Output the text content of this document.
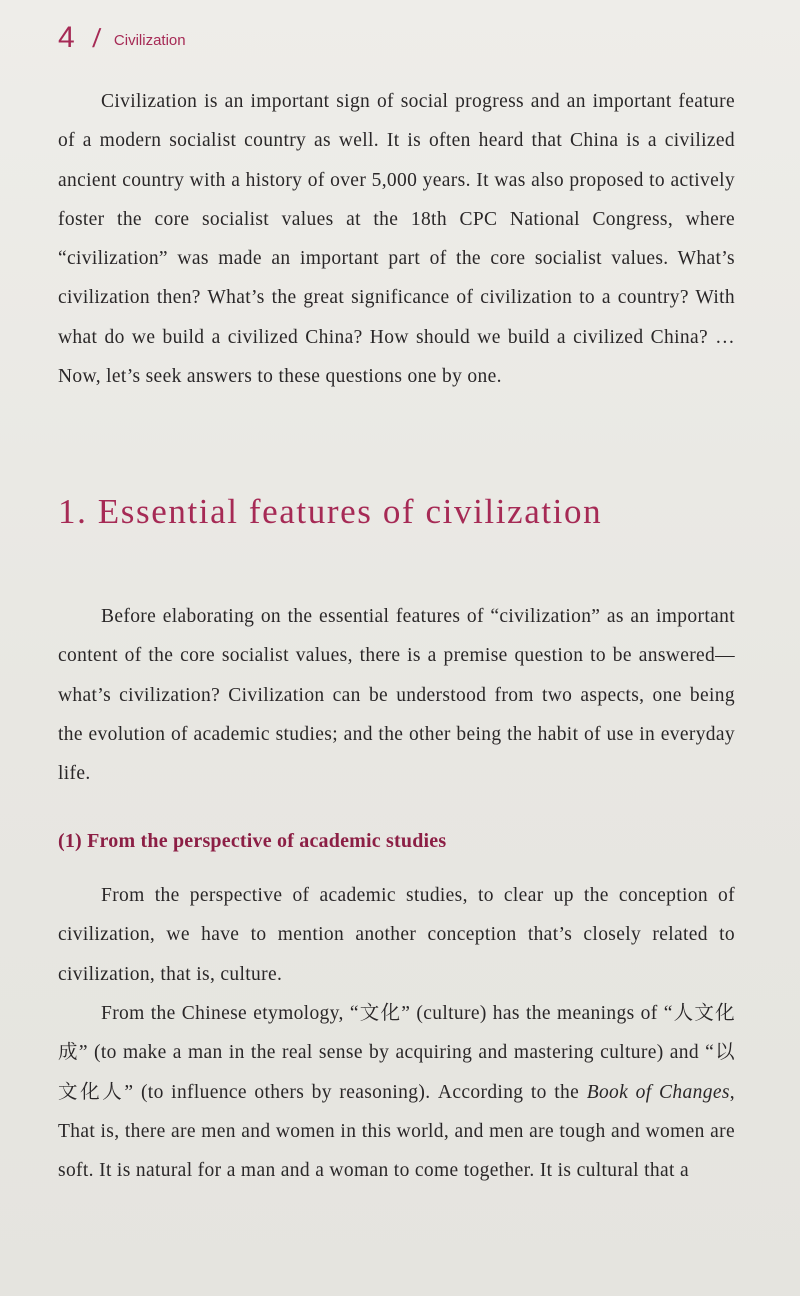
4 / Civilization

Civilization is an important sign of social progress and an important feature of a modern socialist country as well. It is often heard that China is a civilized ancient country with a history of over 5,000 years. It was also proposed to actively foster the core socialist values at the 18th CPC National Congress, where “civilization” was made an important part of the core socialist values. What’s civilization then? What’s the great significance of civilization to a country? With what do we build a civilized China? How should we build a civilized China? … Now, let’s seek answers to these questions one by one.

1. Essential features of civilization

Before elaborating on the essential features of “civilization” as an important content of the core socialist values, there is a premise question to be answered—what’s civilization? Civilization can be understood from two aspects, one being the evolution of academic studies; and the other being the habit of use in everyday life.

(1) From the perspective of academic studies

From the perspective of academic studies, to clear up the conception of civilization, we have to mention another conception that’s closely related to civilization, that is, culture.

From the Chinese etymology, “文化” (culture) has the meanings of “人文化成” (to make a man in the real sense by acquiring and mastering culture) and “以文化人” (to influence others by reasoning). According to the Book of Changes, That is, there are men and women in this world, and men are tough and women are soft. It is natural for a man and a woman to come together. It is cultural that a
